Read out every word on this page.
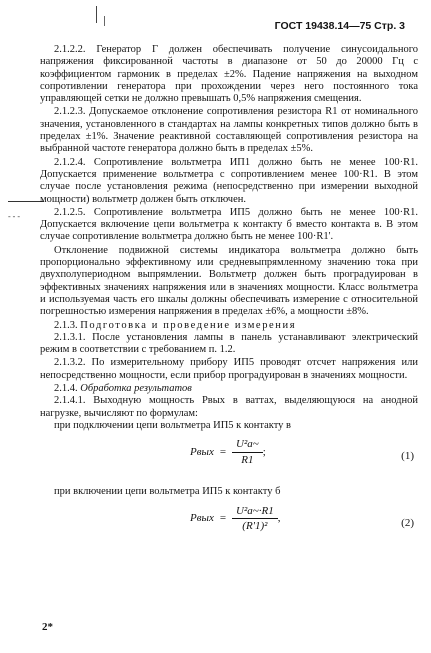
ГОСТ 19438.14—75 Стр. 3
- - -

2.1.2.2. Генератор Г должен обеспечивать получение синусоидального напряжения фиксированной частоты в диапазоне от 50 до 20000 Гц с коэффициентом гармоник в пределах ±2%. Падение напряжения на выходном сопротивлении генератора при прохождении через него постоянного тока управляющей сетки не должно превышать 0,5% напряжения смещения.

2.1.2.3. Допускаемое отклонение сопротивления резистора R1 от номинального значения, установленного в стандартах на лампы конкретных типов должно быть в пределах ±1%. Значение реактивной составляющей сопротивления резистора на выбранной частоте генератора должно быть в пределах ±5%.

2.1.2.4. Сопротивление вольтметра ИП1 должно быть не менее 100·R1. Допускается применение вольтметра с сопротивлением менее 100·R1. В этом случае после установления режима (непосредственно при измерении выходной мощности) вольтметр должен быть отключен.

2.1.2.5. Сопротивление вольтметра ИП5 должно быть не менее 100·R1. Допускается включение цепи вольтметра к контакту б вместо контакта в. В этом случае сопротивление вольтметра должно быть не менее 100·R1'.

Отклонение подвижной системы индикатора вольтметра должно быть пропорционально эффективному или средневыпрямленному значению тока при двухполупериодном выпрямлении. Вольтметр должен быть проградуирован в эффективных значениях напряжения или в значениях мощности. Класс вольтметра и используемая часть его шкалы должны обеспечивать измерение с относительной погрешностью измерения напряжения в пределах ±6%, а мощности ±8%.

2.1.3. Подготовка и проведение измерения

2.1.3.1. После установления лампы в панель устанавливают электрический режим в соответствии с требованием п. 1.2.

2.1.3.2. По измерительному прибору ИП5 проводят отсчет напряжения или непосредственно мощности, если прибор проградуирован в значениях мощности.

2.1.4. Обработка результатов

2.1.4.1. Выходную мощность Pвых в ваттах, выделяющуюся на анодной нагрузке, вычисляют по формулам:

при подключении цепи вольтметра ИП5 к контакту в

Pвых = $\frac{\text{U²а\textasciitilde{}}}{R1}$ ;	(1)

при включении цепи вольтметра ИП5 к контакту б

Pвых = $\frac{\text{U²а\textasciitilde{}·R1}}{\text{(R'1)²}}$ ,	(2)
2*
